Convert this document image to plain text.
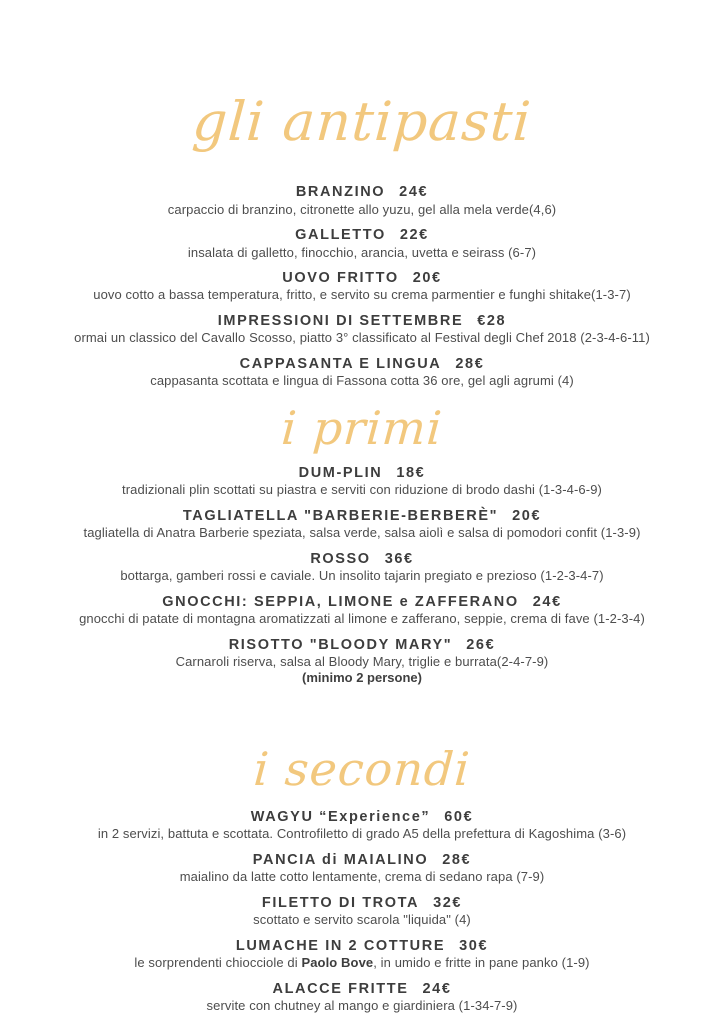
gli antipasti
BRANZINO 24€
carpaccio di branzino, citronette allo yuzu, gel alla mela verde(4,6)
GALLETTO 22€
insalata di galletto, finocchio, arancia, uvetta e seirass (6-7)
UOVO FRITTO 20€
uovo cotto a bassa temperatura, fritto, e servito su crema parmentier e funghi shitake(1-3-7)
IMPRESSIONI DI SETTEMBRE €28
ormai un classico del Cavallo Scosso, piatto 3° classificato al Festival degli Chef 2018 (2-3-4-6-11)
CAPPASANTA E LINGUA 28€
cappasanta scottata e lingua di Fassona cotta 36 ore, gel agli agrumi (4)
i primi
DUM-PLIN 18€
tradizionali plin scottati su piastra e serviti con riduzione di brodo dashi (1-3-4-6-9)
TAGLIATELLA "BARBERIE-BERBERÈ" 20€
tagliatella di Anatra Barberie speziata, salsa verde, salsa aiolì e salsa di pomodori confit (1-3-9)
ROSSO 36€
bottarga, gamberi rossi e caviale. Un insolito tajarin pregiato e prezioso (1-2-3-4-7)
GNOCCHI: SEPPIA, LIMONE e ZAFFERANO 24€
gnocchi di patate di montagna aromatizzati al limone e zafferano, seppie, crema di fave (1-2-3-4)
RISOTTO "BLOODY MARY" 26€
Carnaroli riserva, salsa al Bloody Mary, triglie e burrata(2-4-7-9)
(minimo 2 persone)
i secondi
WAGYU “Experience” 60€
in 2 servizi, battuta e scottata. Controfiletto di grado A5 della prefettura di Kagoshima (3-6)
PANCIA di MAIALINO 28€
maialino da latte cotto lentamente, crema di sedano rapa (7-9)
FILETTO DI TROTA 32€
scottato e servito scarola "liquida" (4)
LUMACHE IN 2 COTTURE 30€
le sorprendenti chiocciole di Paolo Bove, in umido e fritte in pane panko (1-9)
ALACCE FRITTE 24€
servite con chutney al mango e giardiniera (1-34-7-9)
